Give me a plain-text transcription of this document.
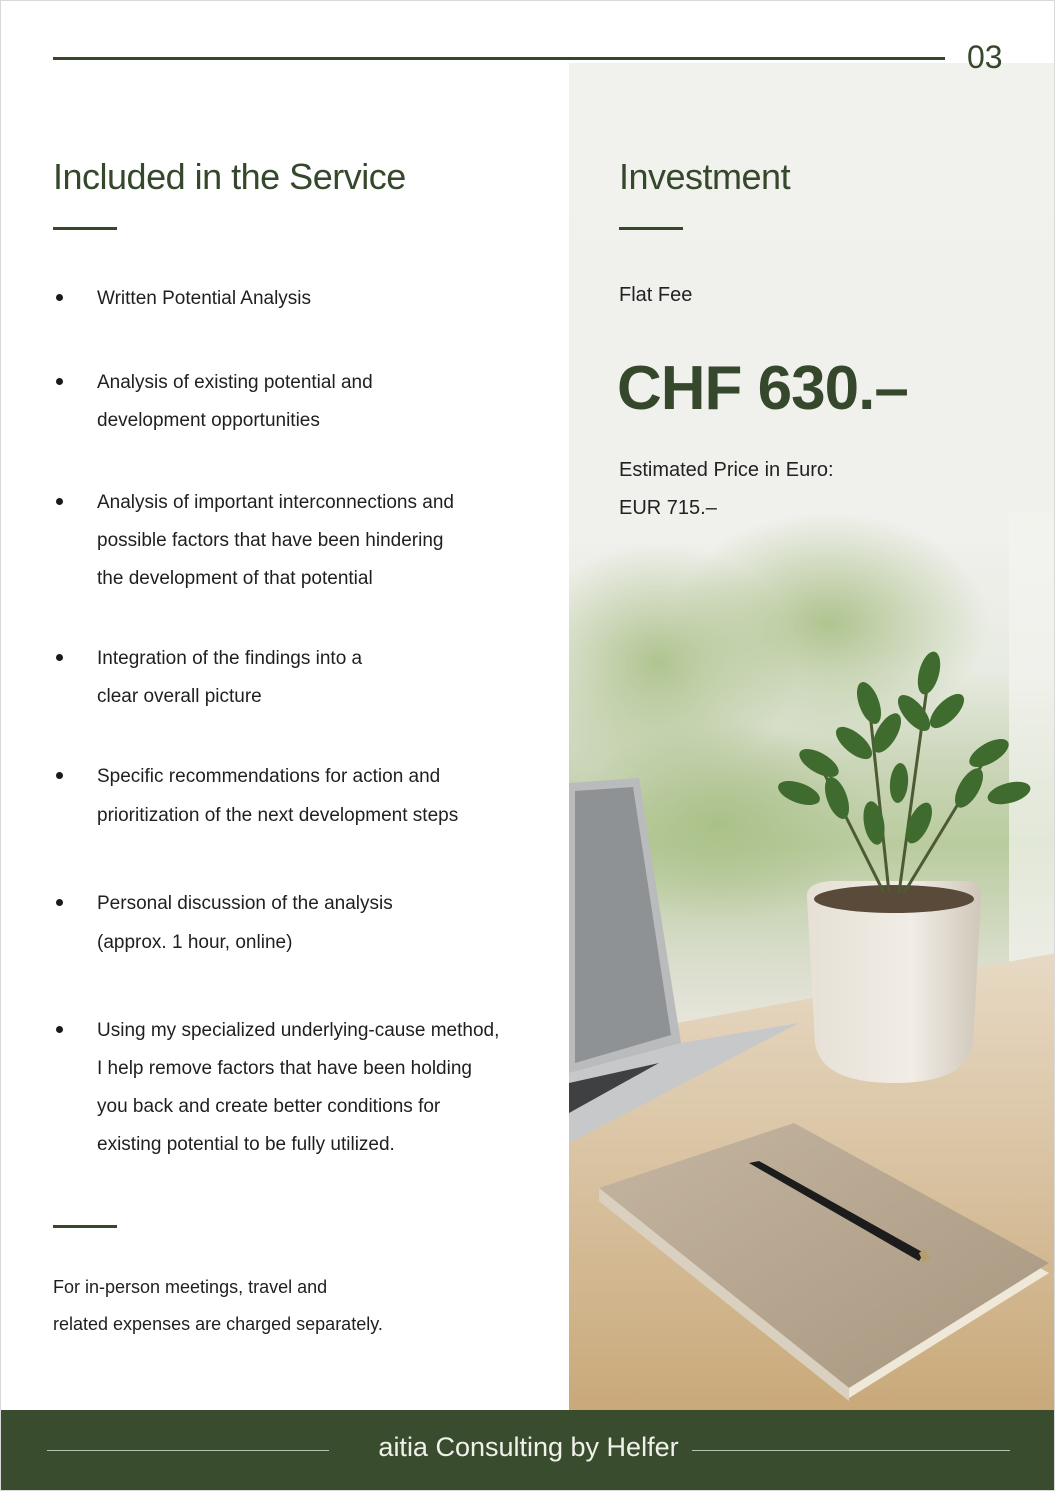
03
Included in the Service
Written Potential Analysis
Analysis of existing potential and
development opportunities
Analysis of important interconnections and
possible factors that have been hindering
the development of that potential
Integration of the findings into a
clear overall picture
Specific recommendations for action and
prioritization of the next development steps
Personal discussion of the analysis
(approx. 1 hour, online)
Using my specialized underlying-cause method,
I help remove factors that have been holding
you back and create better conditions for
existing potential to be fully utilized.
For in-person meetings, travel and
related expenses are charged separately.
Investment
Flat Fee
CHF 630.–
Estimated Price in Euro:
EUR 715.–
aitia Consulting by Helfer
